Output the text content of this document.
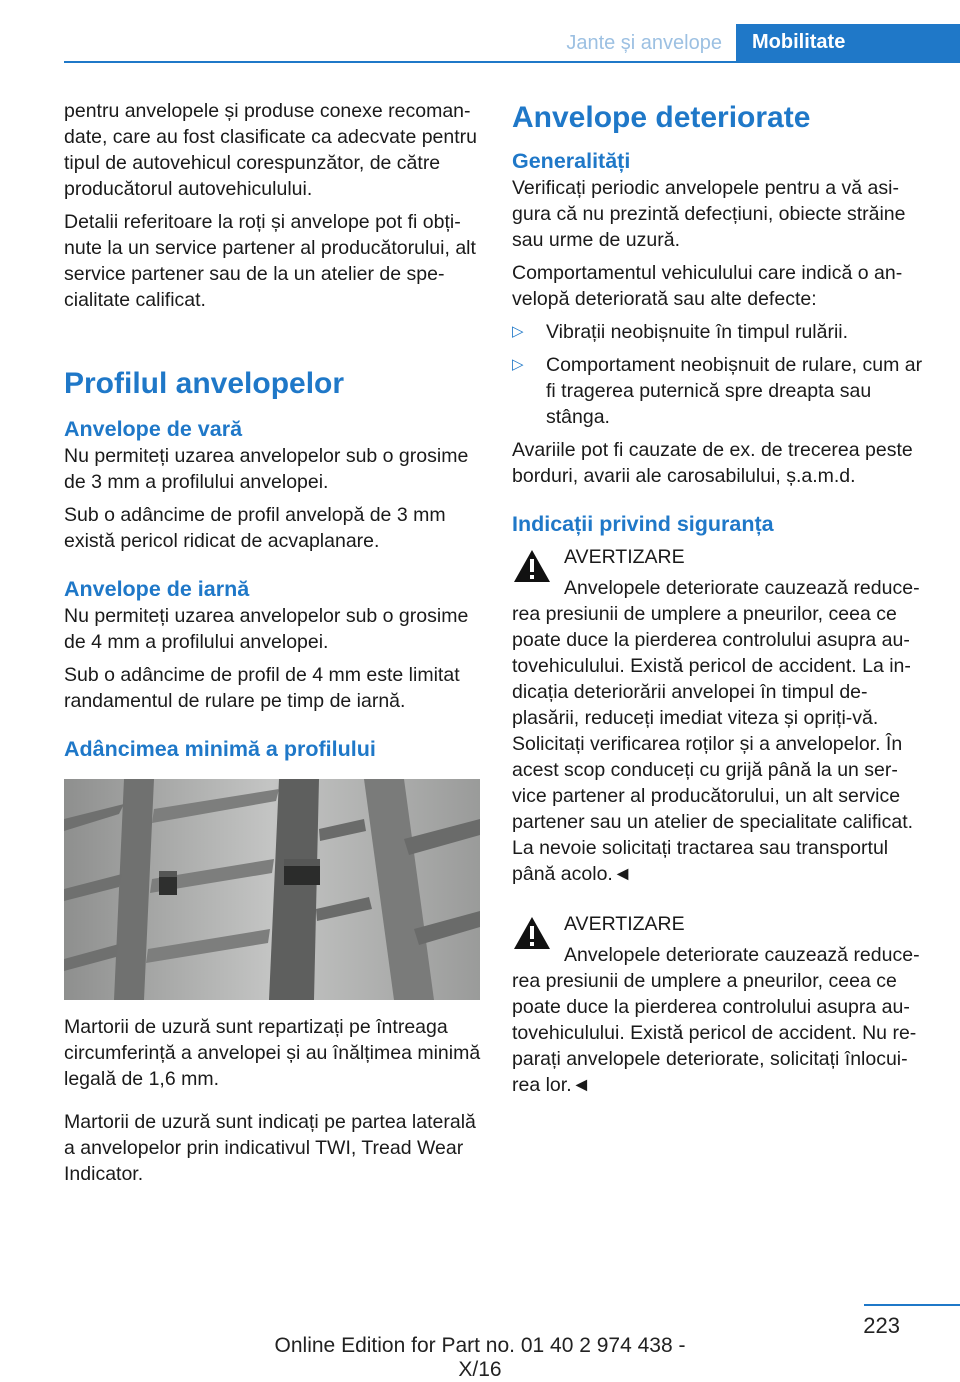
Jante și anvelope	Mobilitate

pentru anvelopele și produse conexe recomandate, care au fost clasificate ca adecvate pentru tipul de autovehicul corespunzător, de către producătorul autovehiculului.

Detalii referitoare la roți și anvelope pot fi obținute la un service partener al producătorului, alt service partener sau de la un atelier de specialitate calificat.

Profilul anvelopelor
Anvelope de vară

Nu permiteți uzarea anvelopelor sub o grosime de 3 mm a profilului anvelopei.

Sub o adâncime de profil anvelopă de 3 mm există pericol ridicat de acvaplanare.

Anvelope de iarnă

Nu permiteți uzarea anvelopelor sub o grosime de 4 mm a profilului anvelopei.

Sub o adâncime de profil de 4 mm este limitat randamentul de rulare pe timp de iarnă.

Adâncimea minimă a profilului

Martorii de uzură sunt repartizați pe întreaga circumferință a anvelopei și au înălțimea minimă legală de 1,6 mm.

Martorii de uzură sunt indicați pe partea laterală a anvelopelor prin indicativul TWI, Tread Wear Indicator.

Anvelope deteriorate
Generalități

Verificați periodic anvelopele pentru a vă asigura că nu prezintă defecțiuni, obiecte străine sau urme de uzură.

Comportamentul vehiculului care indică o anvelopă deteriorată sau alte defecte:

▷ Vibrații neobișnuite în timpul rulării.
▷ Comportament neobișnuit de rulare, cum ar fi tragerea puternică spre dreapta sau stânga.

Avariile pot fi cauzate de ex. de trecerea peste borduri, avarii ale carosabilului, ș.a.m.d.

Indicații privind siguranța

AVERTIZARE

Anvelopele deteriorate cauzează reducerea presiunii de umplere a pneurilor, ceea ce poate duce la pierderea controlului asupra autovehiculului. Există pericol de accident. La indicația deteriorării anvelopei în timpul deplasării, reduceți imediat viteza și opriți-vă. Solicitați verificarea roților și a anvelopelor. În acest scop conduceți cu grijă până la un service partener al producătorului, un alt service partener sau un atelier de specialitate calificat. La nevoie solicitați tractarea sau transportul până acolo.◄

AVERTIZARE

Anvelopele deteriorate cauzează reducerea presiunii de umplere a pneurilor, ceea ce poate duce la pierderea controlului asupra autovehiculului. Există pericol de accident. Nu reparați anvelopele deteriorate, solicitați înlocuirea lor.◄

223
Online Edition for Part no. 01 40 2 974 438 - X/16
